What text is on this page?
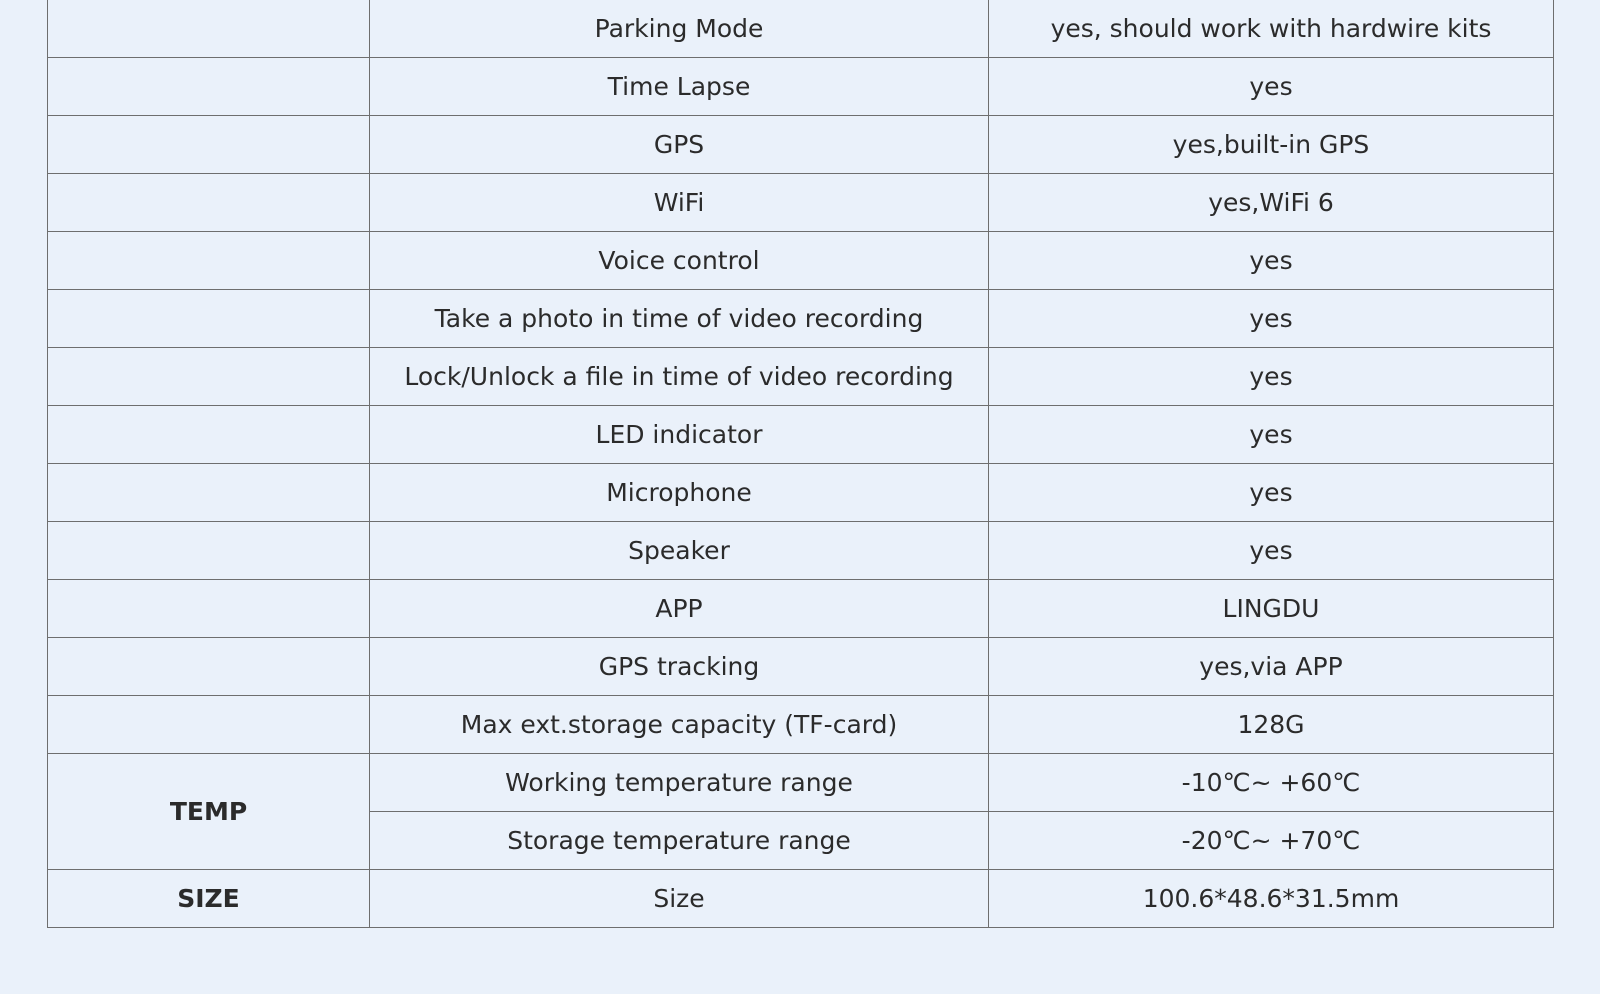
	Parking Mode	yes, should work with hardwire kits
	Time Lapse	yes
	GPS	yes,built-in GPS
	WiFi	yes,WiFi 6
	Voice control	yes
	Take a photo in time of video recording	yes
	Lock/Unlock a file in time of video recording	yes
	LED indicator	yes
	Microphone	yes
	Speaker	yes
	APP	LINGDU
	GPS tracking	yes,via APP
	Max ext.storage capacity (TF-card)	128G
TEMP	Working temperature range	-10℃~ +60℃
	Storage temperature range	-20℃~ +70℃
SIZE	Size	100.6*48.6*31.5mm
